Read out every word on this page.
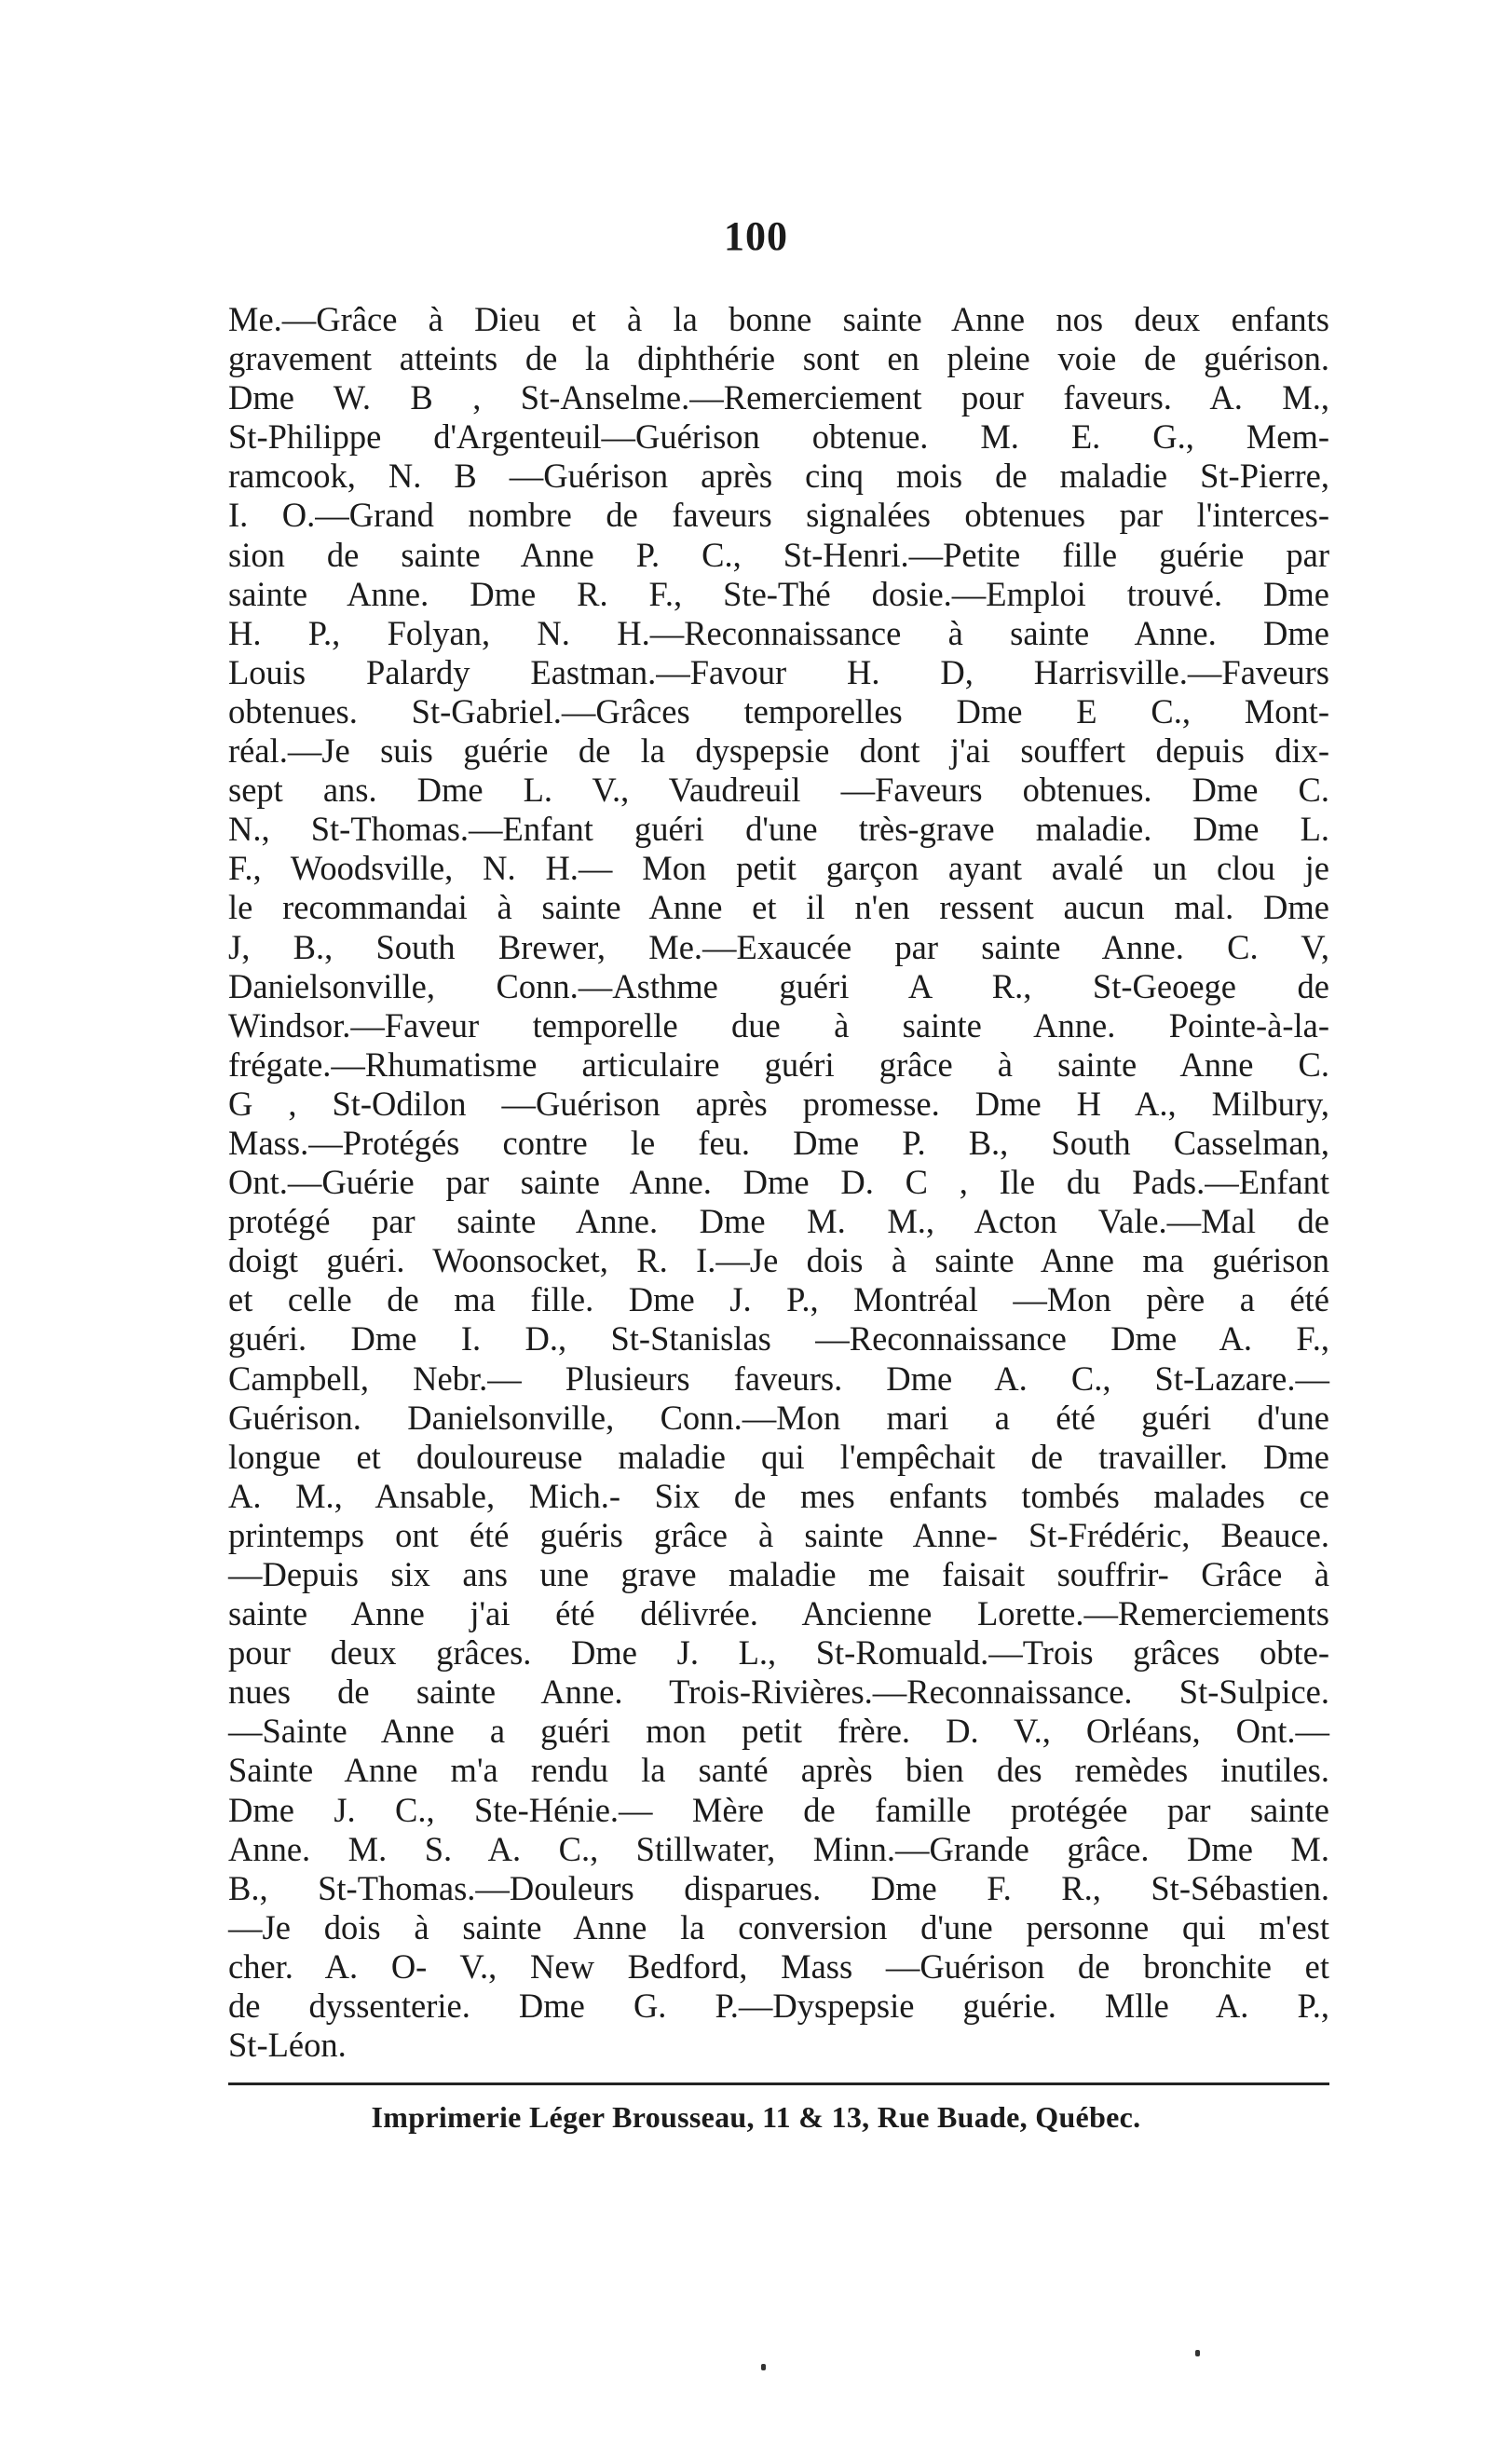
100
Me.—Grâce à Dieu et à la bonne sainte Anne nos deux enfants
gravement atteints de la diphthérie sont en pleine voie de guérison.
Dme W. B , St-Anselme.—Remerciement pour faveurs. A. M.,
St-Philippe d'Argenteuil—Guérison obtenue. M. E. G., Mem-
ramcook, N. B —Guérison après cinq mois de maladie St-Pierre,
I. O.—Grand nombre de faveurs signalées obtenues par l'interces-
sion de sainte Anne P. C., St-Henri.—Petite fille guérie par
sainte Anne. Dme R. F., Ste-Thé dosie.—Emploi trouvé. Dme
H. P., Folyan, N. H.—Reconnaissance à sainte Anne. Dme
Louis Palardy Eastman.—Favour H. D, Harrisville.—Faveurs
obtenues. St-Gabriel.—Grâces temporelles Dme E C., Mont-
réal.—Je suis guérie de la dyspepsie dont j'ai souffert depuis dix-
sept ans. Dme L. V., Vaudreuil —Faveurs obtenues. Dme C.
N., St-Thomas.—Enfant guéri d'une très-grave maladie. Dme L.
F., Woodsville, N. H.— Mon petit garçon ayant avalé un clou je
le recommandai à sainte Anne et il n'en ressent aucun mal. Dme
J, B., South Brewer, Me.—Exaucée par sainte Anne. C. V,
Danielsonville, Conn.—Asthme guéri A R., St-Geoege de
Windsor.—Faveur temporelle due à sainte Anne. Pointe-à-la-
frégate.—Rhumatisme articulaire guéri grâce à sainte Anne C.
G , St-Odilon —Guérison après promesse. Dme H A., Milbury,
Mass.—Protégés contre le feu. Dme P. B., South Casselman,
Ont.—Guérie par sainte Anne. Dme D. C , Ile du Pads.—Enfant
protégé par sainte Anne. Dme M. M., Acton Vale.—Mal de
doigt guéri. Woonsocket, R. I.—Je dois à sainte Anne ma guérison
et celle de ma fille. Dme J. P., Montréal —Mon père a été
guéri. Dme I. D., St-Stanislas —Reconnaissance Dme A. F.,
Campbell, Nebr.— Plusieurs faveurs. Dme A. C., St-Lazare.—
Guérison. Danielsonville, Conn.—Mon mari a été guéri d'une
longue et douloureuse maladie qui l'empêchait de travailler. Dme
A. M., Ansable, Mich.- Six de mes enfants tombés malades ce
printemps ont été guéris grâce à sainte Anne- St-Frédéric, Beauce.
—Depuis six ans une grave maladie me faisait souffrir- Grâce à
sainte Anne j'ai été délivrée. Ancienne Lorette.—Remerciements
pour deux grâces. Dme J. L., St-Romuald.—Trois grâces obte-
nues de sainte Anne. Trois-Rivières.—Reconnaissance. St-Sulpice.
—Sainte Anne a guéri mon petit frère. D. V., Orléans, Ont.—
Sainte Anne m'a rendu la santé après bien des remèdes inutiles.
Dme J. C., Ste-Hénie.— Mère de famille protégée par sainte
Anne. M. S. A. C., Stillwater, Minn.—Grande grâce. Dme M.
B., St-Thomas.—Douleurs disparues. Dme F. R., St-Sébastien.
—Je dois à sainte Anne la conversion d'une personne qui m'est
cher. A. O- V., New Bedford, Mass —Guérison de bronchite et
de dyssenterie. Dme G. P.—Dyspepsie guérie. Mlle A. P.,
St-Léon.
Imprimerie Léger Brousseau, 11 & 13, Rue Buade, Québec.
